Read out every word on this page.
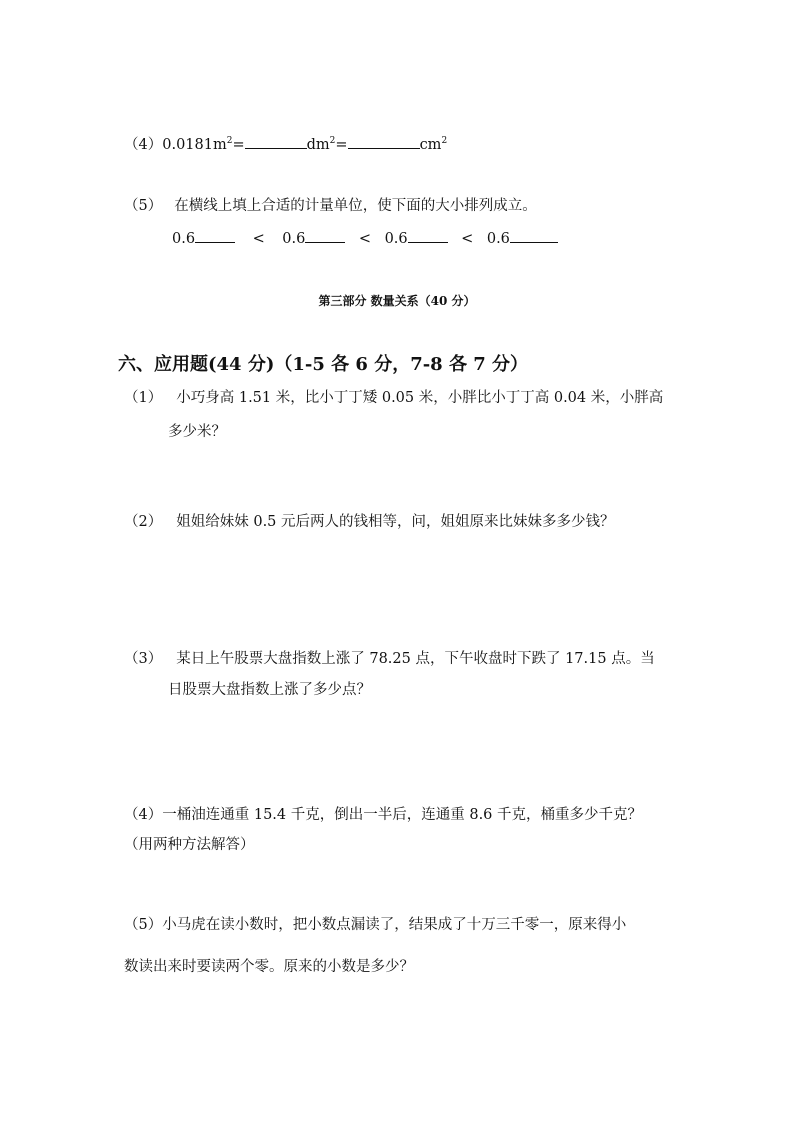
$(4)0.0181m^2=$	$dm^2=$	$cm^2$
（5） 在横线上填上合适的计量单位，使下面的大小排列成立。
0.6	< 0.6	< 0.6	< 0.6
第三部分 数量关系（40 分）
六、应用题(44 分)（1-5 各 6 分，7-8 各 7 分）
（1） 小巧身高 1.51 米，比小丁丁矮 0.05 米，小胖比小丁丁高 0.04 米，小胖高
多少米？
（2） 姐姐给妹妹 0.5 元后两人的钱相等，问，姐姐原来比妹妹多多少钱？
（3） 某日上午股票大盘指数上涨了 78.25 点，下午收盘时下跌了 17.15 点。当
日股票大盘指数上涨了多少点？
（4）一桶油连通重 15.4 千克，倒出一半后，连通重 8.6 千克，桶重多少千克？
（用两种方法解答）
（5）小马虎在读小数时，把小数点漏读了，结果成了十万三千零一，原来得小
数读出来时要读两个零。原来的小数是多少？
